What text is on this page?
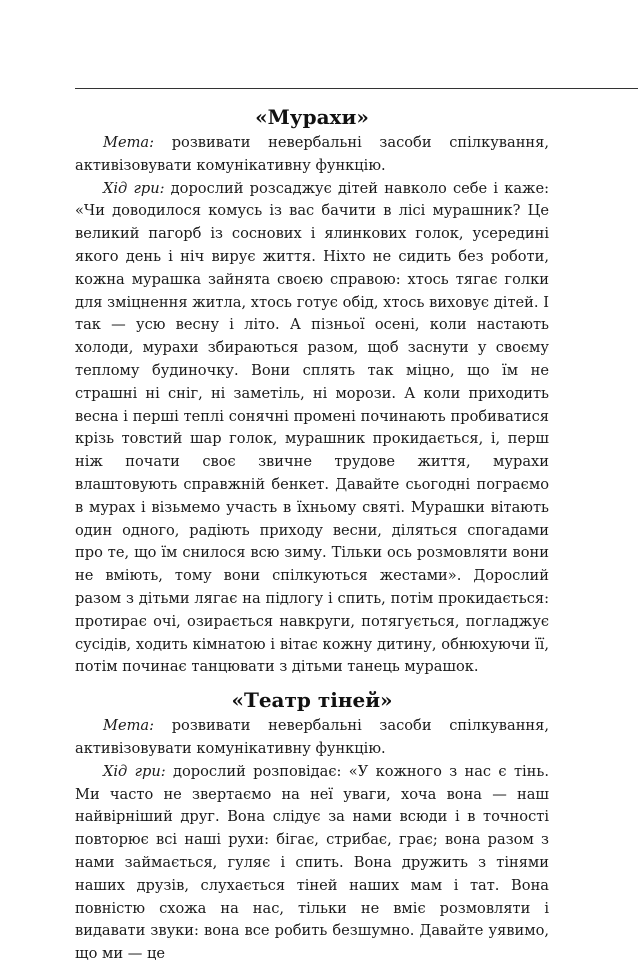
«Мурахи»

Мета: розвивати невербальні засоби спілкування, активізовувати комунікативну функцію.

Хід гри: дорослий розсаджує дітей навколо себе і каже: «Чи доводилося комусь із вас бачити в лісі мурашник? Це великий пагорб із соснових і ялинкових голок, усередині якого день і ніч вирує життя. Ніхто не сидить без роботи, кожна мурашка зайнята своєю справою: хтось тягає голки для зміцнення житла, хтось готує обід, хтось виховує дітей. І так — усю весну і літо. А пізньої осені, коли настають холоди, мурахи збираються разом, щоб заснути у своєму теплому будиночку. Вони сплять так міцно, що їм не страшні ні сніг, ні заметіль, ні морози. А коли приходить весна і перші теплі сонячні промені починають пробиватися крізь товстий шар голок, мурашник прокидається, і, перш ніж почати своє звичне трудове життя, мурахи влаштовують справжній бенкет. Давайте сьогодні пограємо в мурах і візьмемо участь в їхньому святі. Мурашки вітають один одного, радіють приходу весни, діляться спогадами про те, що їм снилося всю зиму. Тільки ось розмовляти вони не вміють, тому вони спілкуються жестами». Дорослий разом з дітьми лягає на підлогу і спить, потім прокидається: протирає очі, озирається навкруги, потягується, погладжує сусідів, ходить кімнатою і вітає кожну дитину, обнюхуючи її, потім починає танцювати з дітьми танець мурашок.

«Театр тіней»

Мета: розвивати невербальні засоби спілкування, активізовувати комунікативну функцію.

Хід гри: дорослий розповідає: «У кожного з нас є тінь. Ми часто не звертаємо на неї уваги, хоча вона — наш найвірніший друг. Вона слідує за нами всюди і в точності повторює всі наші рухи: бігає, стрибає, грає; вона разом з нами займається, гуляє і спить. Вона дружить з тінями наших друзів, слухається тіней наших мам і тат. Вона повністю схожа на нас, тільки не вміє розмовляти і видавати звуки: вона все робить безшумно. Давайте уявимо, що ми — це
